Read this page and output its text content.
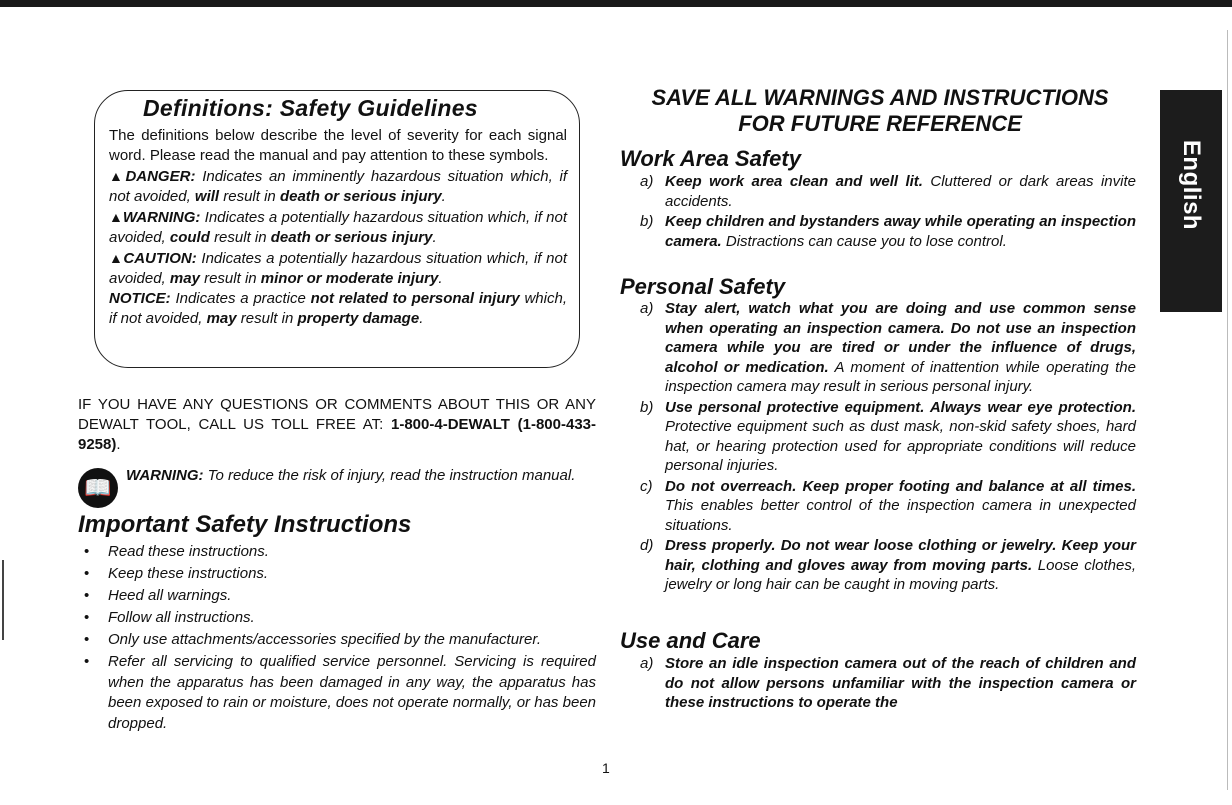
Definitions: Safety Guidelines

The definitions below describe the level of severity for each signal word. Please read the manual and pay attention to these symbols.

▲DANGER: Indicates an imminently hazardous situation which, if not avoided, will result in death or serious injury.

▲WARNING: Indicates a potentially hazardous situation which, if not avoided, could result in death or serious injury.

▲CAUTION: Indicates a potentially hazardous situation which, if not avoided, may result in minor or moderate injury.

NOTICE: Indicates a practice not related to personal injury which, if not avoided, may result in property damage.

IF YOU HAVE ANY QUESTIONS OR COMMENTS ABOUT THIS OR ANY DEWALT TOOL, CALL US TOLL FREE AT: 1-800-4-DEWALT (1-800-433-9258).

📖 WARNING: To reduce the risk of injury, read the instruction manual.

Important Safety Instructions
• Read these instructions.
• Keep these instructions.
• Heed all warnings.
• Follow all instructions.
• Only use attachments/accessories specified by the manufacturer.
• Refer all servicing to qualified service personnel. Servicing is required when the apparatus has been damaged in any way, the apparatus has been exposed to rain or moisture, does not operate normally, or has been dropped.
1
SAVE ALL WARNINGS AND INSTRUCTIONS
FOR FUTURE REFERENCE
Work Area Safety
a) Keep work area clean and well lit. Cluttered or dark areas invite accidents.
b) Keep children and bystanders away while operating an inspection camera. Distractions can cause you to lose control.
Personal Safety
a) Stay alert, watch what you are doing and use common sense when operating an inspection camera. Do not use an inspection camera while you are tired or under the influence of drugs, alcohol or medication. A moment of inattention while operating the inspection camera may result in serious personal injury.
b) Use personal protective equipment. Always wear eye protection. Protective equipment such as dust mask, non-skid safety shoes, hard hat, or hearing protection used for appropriate conditions will reduce personal injuries.
c) Do not overreach. Keep proper footing and balance at all times. This enables better control of the inspection camera in unexpected situations.
d) Dress properly. Do not wear loose clothing or jewelry. Keep your hair, clothing and gloves away from moving parts. Loose clothes, jewelry or long hair can be caught in moving parts.
Use and Care
a) Store an idle inspection camera out of the reach of children and do not allow persons unfamiliar with the inspection camera or these instructions to operate the
English
